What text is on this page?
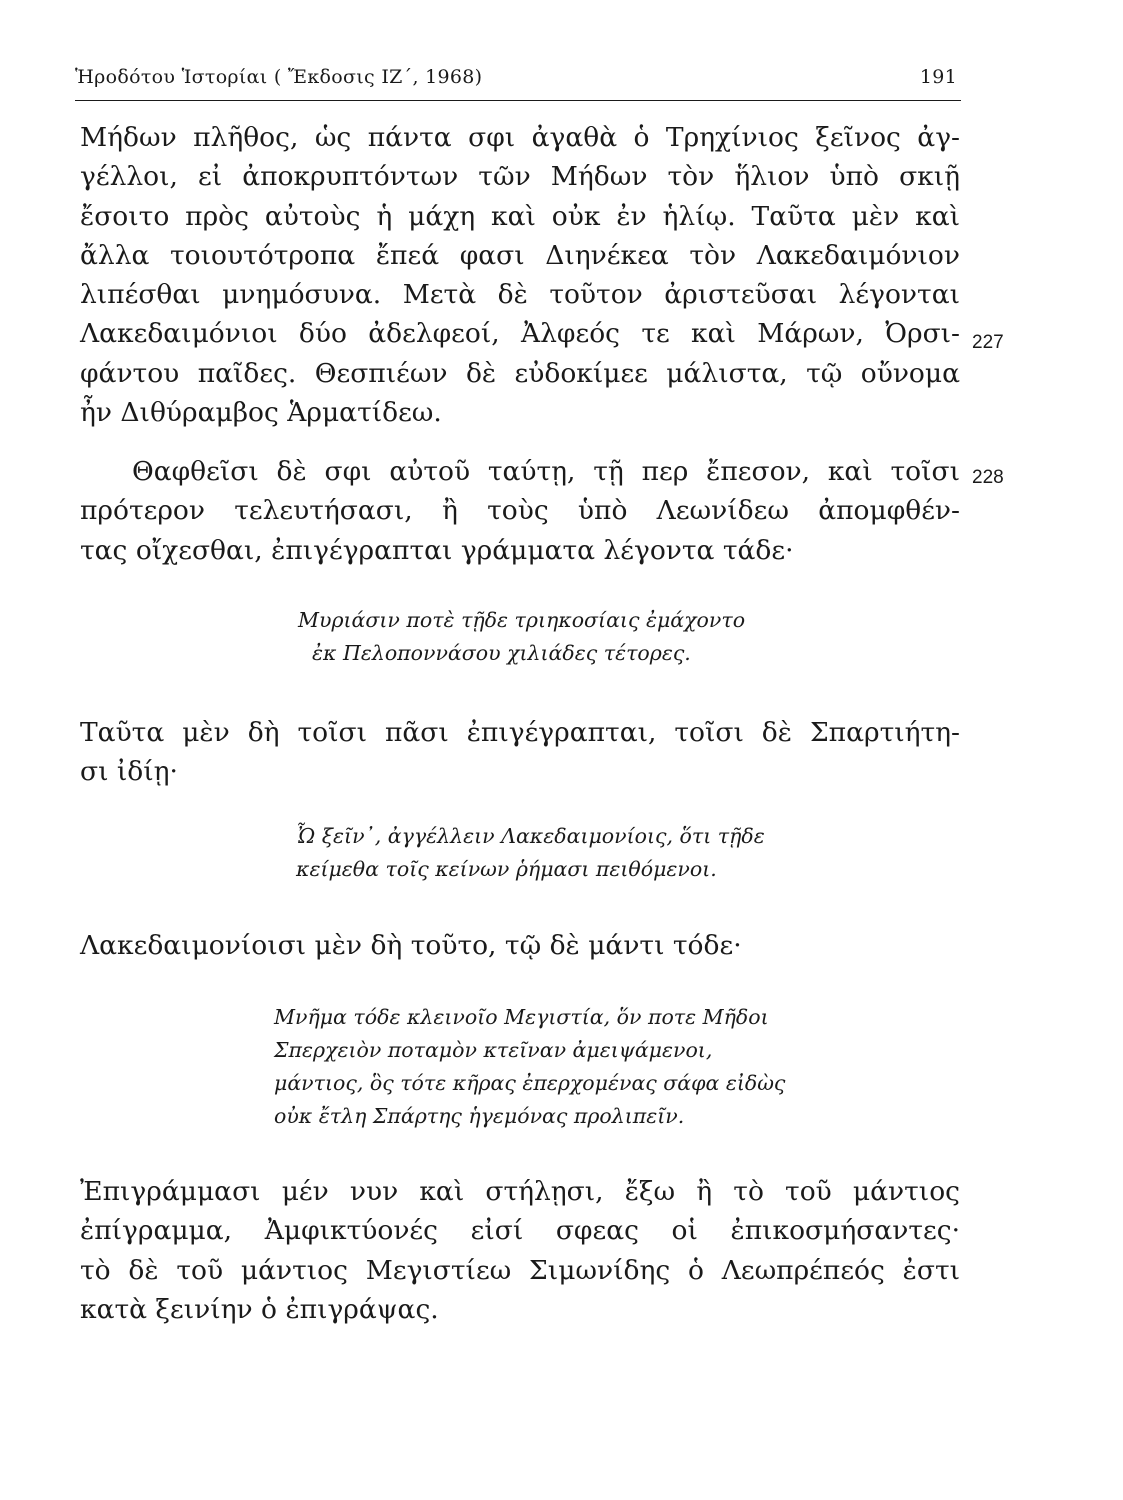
Ἡροδότου Ἱστορίαι ( Ἔκδοσις ΙΖ΄, 1968)	191
Μήδων πλῆθος, ὡς πάντα σφι ἀγαθὰ ὁ Τρηχίνιος ξεῖνος ἀγ-
γέλλοι, εἰ ἀποκρυπτόντων τῶν Μήδων τὸν ἥλιον ὑπὸ σκιῇ
ἔσοιτο πρὸς αὐτοὺς ἡ μάχη καὶ οὐκ ἐν ἡλίῳ. Ταῦτα μὲν καὶ
ἄλλα τοιουτότροπα ἔπεά φασι Διηνέκεα τὸν Λακεδαιμόνιον
λιπέσθαι μνημόσυνα. Μετὰ δὲ τοῦτον ἀριστεῦσαι λέγονται
Λακεδαιμόνιοι δύο ἀδελφεοί, Ἀλφεός τε καὶ Μάρων, Ὀρσι-
φάντου παῖδες. Θεσπιέων δὲ εὐδοκίμεε μάλιστα, τῷ οὔνομα
ἦν Διθύραμβος Ἁρματίδεω.
227
Θαφθεῖσι δὲ σφι αὐτοῦ ταύτῃ, τῇ περ ἔπεσον, καὶ τοῖσι
πρότερον τελευτήσασι, ἢ τοὺς ὑπὸ Λεωνίδεω ἀπομφθέν-
τας οἴχεσθαι, ἐπιγέγραπται γράμματα λέγοντα τάδε·
228
Μυριάσιν ποτὲ τῇδε τριηκοσίαις ἐμάχοντο
ἐκ Πελοποννάσου χιλιάδες τέτορες.
Ταῦτα μὲν δὴ τοῖσι πᾶσι ἐπιγέγραπται, τοῖσι δὲ Σπαρτιήτη-
σι ἰδίῃ·
Ὦ ξεῖν᾿, ἀγγέλλειν Λακεδαιμονίοις, ὅτι τῇδε
κείμεθα τοῖς κείνων ῥήμασι πειθόμενοι.
Λακεδαιμονίοισι μὲν δὴ τοῦτο, τῷ δὲ μάντι τόδε·
Μνῆμα τόδε κλεινοῖο Μεγιστία, ὅν ποτε Μῆδοι
Σπερχειὸν ποταμὸν κτεῖναν ἀμειψάμενοι,
μάντιος, ὃς τότε κῆρας ἐπερχομένας σάφα εἰδὼς
οὐκ ἔτλη Σπάρτης ἡγεμόνας προλιπεῖν.
Ἐπιγράμμασι μέν νυν καὶ στήλῃσι, ἔξω ἢ τὸ τοῦ μάντιος
ἐπίγραμμα, Ἀμφικτύονές εἰσί σφεας οἱ ἐπικοσμήσαντες·
τὸ δὲ τοῦ μάντιος Μεγιστίεω Σιμωνίδης ὁ Λεωπρέπεός ἐστι
κατὰ ξεινίην ὁ ἐπιγράψας.
